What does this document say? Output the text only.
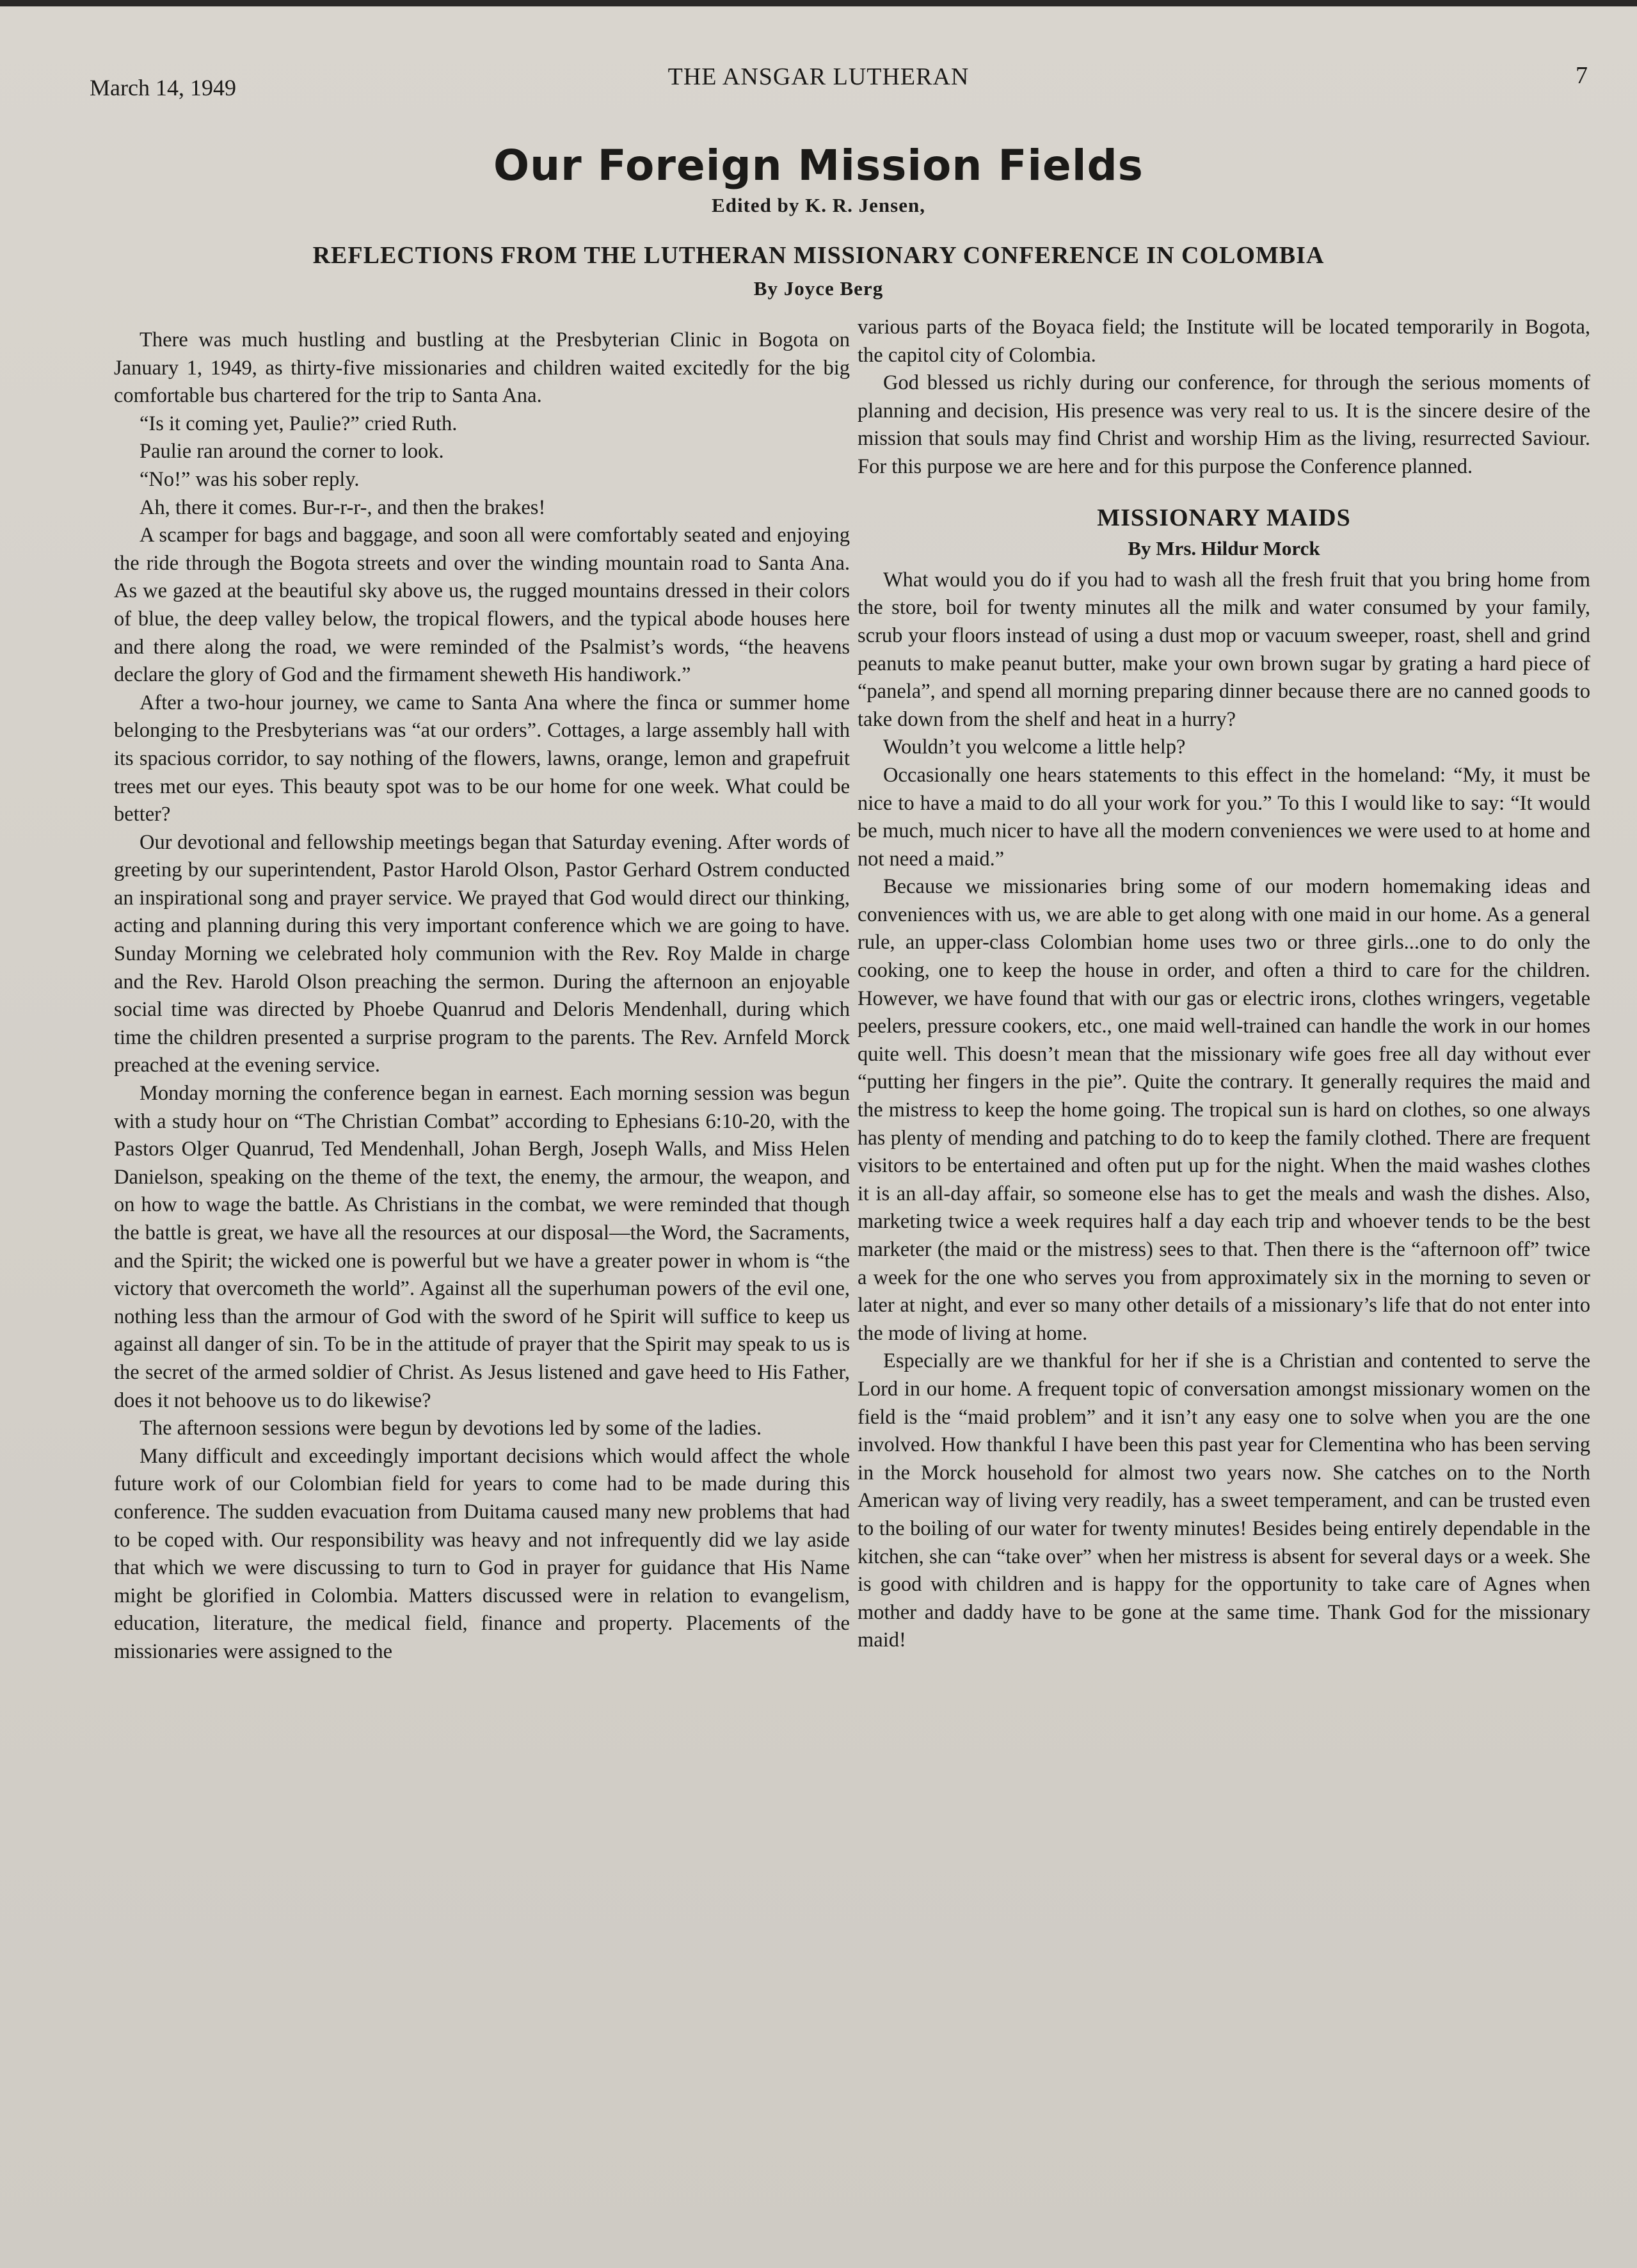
March 14, 1949	THE ANSGAR LUTHERAN	7
Our Foreign Mission Fields
Edited by K. R. Jensen,
REFLECTIONS FROM THE LUTHERAN MISSIONARY CONFERENCE IN COLOMBIA
By Joyce Berg

There was much hustling and bustling at the Presbyterian Clinic in Bogota on January 1, 1949, as thirty-five missionaries and children waited excitedly for the big comfortable bus chartered for the trip to Santa Ana.

“Is it coming yet, Paulie?” cried Ruth.

Paulie ran around the corner to look.

“No!” was his sober reply.

Ah, there it comes. Bur-r-r-, and then the brakes!

A scamper for bags and baggage, and soon all were comfortably seated and enjoying the ride through the Bogota streets and over the winding mountain road to Santa Ana. As we gazed at the beautiful sky above us, the rugged mountains dressed in their colors of blue, the deep valley below, the tropical flowers, and the typical abode houses here and there along the road, we were reminded of the Psalmist’s words, “the heavens declare the glory of God and the firmament sheweth His handiwork.”

After a two-hour journey, we came to Santa Ana where the finca or summer home belonging to the Presbyterians was “at our orders”. Cottages, a large assembly hall with its spacious corridor, to say nothing of the flowers, lawns, orange, lemon and grapefruit trees met our eyes. This beauty spot was to be our home for one week. What could be better?

Our devotional and fellowship meetings began that Saturday evening. After words of greeting by our superintendent, Pastor Harold Olson, Pastor Gerhard Ostrem conducted an inspirational song and prayer service. We prayed that God would direct our thinking, acting and planning during this very important conference which we are going to have. Sunday Morning we celebrated holy communion with the Rev. Roy Malde in charge and the Rev. Harold Olson preaching the sermon. During the afternoon an enjoyable social time was directed by Phoebe Quanrud and Deloris Mendenhall, during which time the children presented a surprise program to the parents. The Rev. Arnfeld Morck preached at the evening service.

Monday morning the conference began in earnest. Each morning session was begun with a study hour on “The Christian Combat” according to Ephesians 6:10-20, with the Pastors Olger Quanrud, Ted Mendenhall, Johan Bergh, Joseph Walls, and Miss Helen Danielson, speaking on the theme of the text, the enemy, the armour, the weapon, and on how to wage the battle. As Christians in the combat, we were reminded that though the battle is great, we have all the resources at our disposal—the Word, the Sacraments, and the Spirit; the wicked one is powerful but we have a greater power in whom is “the victory that overcometh the world”. Against all the superhuman powers of the evil one, nothing less than the armour of God with the sword of he Spirit will suffice to keep us against all danger of sin. To be in the attitude of prayer that the Spirit may speak to us is the secret of the armed soldier of Christ. As Jesus listened and gave heed to His Father, does it not behoove us to do likewise?

The afternoon sessions were begun by devotions led by some of the ladies.

Many difficult and exceedingly important decisions which would affect the whole future work of our Colombian field for years to come had to be made during this conference. The sudden evacuation from Duitama caused many new problems that had to be coped with. Our responsibility was heavy and not infrequently did we lay aside that which we were discussing to turn to God in prayer for guidance that His Name might be glorified in Colombia. Matters discussed were in relation to evangelism, education, literature, the medical field, finance and property. Placements of the missionaries were assigned to the

various parts of the Boyaca field; the Institute will be located temporarily in Bogota, the capitol city of Colombia.

God blessed us richly during our conference, for through the serious moments of planning and decision, His presence was very real to us. It is the sincere desire of the mission that souls may find Christ and worship Him as the living, resurrected Saviour. For this purpose we are here and for this purpose the Conference planned.

MISSIONARY MAIDS
By Mrs. Hildur Morck

What would you do if you had to wash all the fresh fruit that you bring home from the store, boil for twenty minutes all the milk and water consumed by your family, scrub your floors instead of using a dust mop or vacuum sweeper, roast, shell and grind peanuts to make peanut butter, make your own brown sugar by grating a hard piece of “panela”, and spend all morning preparing dinner because there are no canned goods to take down from the shelf and heat in a hurry?

Wouldn’t you welcome a little help?

Occasionally one hears statements to this effect in the homeland: “My, it must be nice to have a maid to do all your work for you.” To this I would like to say: “It would be much, much nicer to have all the modern conveniences we were used to at home and not need a maid.”

Because we missionaries bring some of our modern homemaking ideas and conveniences with us, we are able to get along with one maid in our home. As a general rule, an upper-class Colombian home uses two or three girls...one to do only the cooking, one to keep the house in order, and often a third to care for the children. However, we have found that with our gas or electric irons, clothes wringers, vegetable peelers, pressure cookers, etc., one maid well-trained can handle the work in our homes quite well. This doesn’t mean that the missionary wife goes free all day without ever “putting her fingers in the pie”. Quite the contrary. It generally requires the maid and the mistress to keep the home going. The tropical sun is hard on clothes, so one always has plenty of mending and patching to do to keep the family clothed. There are frequent visitors to be entertained and often put up for the night. When the maid washes clothes it is an all-day affair, so someone else has to get the meals and wash the dishes. Also, marketing twice a week requires half a day each trip and whoever tends to be the best marketer (the maid or the mistress) sees to that. Then there is the “afternoon off” twice a week for the one who serves you from approximately six in the morning to seven or later at night, and ever so many other details of a missionary’s life that do not enter into the mode of living at home.

Especially are we thankful for her if she is a Christian and contented to serve the Lord in our home. A frequent topic of conversation amongst missionary women on the field is the “maid problem” and it isn’t any easy one to solve when you are the one involved. How thankful I have been this past year for Clementina who has been serving in the Morck household for almost two years now. She catches on to the North American way of living very readily, has a sweet temperament, and can be trusted even to the boiling of our water for twenty minutes! Besides being entirely dependable in the kitchen, she can “take over” when her mistress is absent for several days or a week. She is good with children and is happy for the opportunity to take care of Agnes when mother and daddy have to be gone at the same time. Thank God for the missionary maid!
